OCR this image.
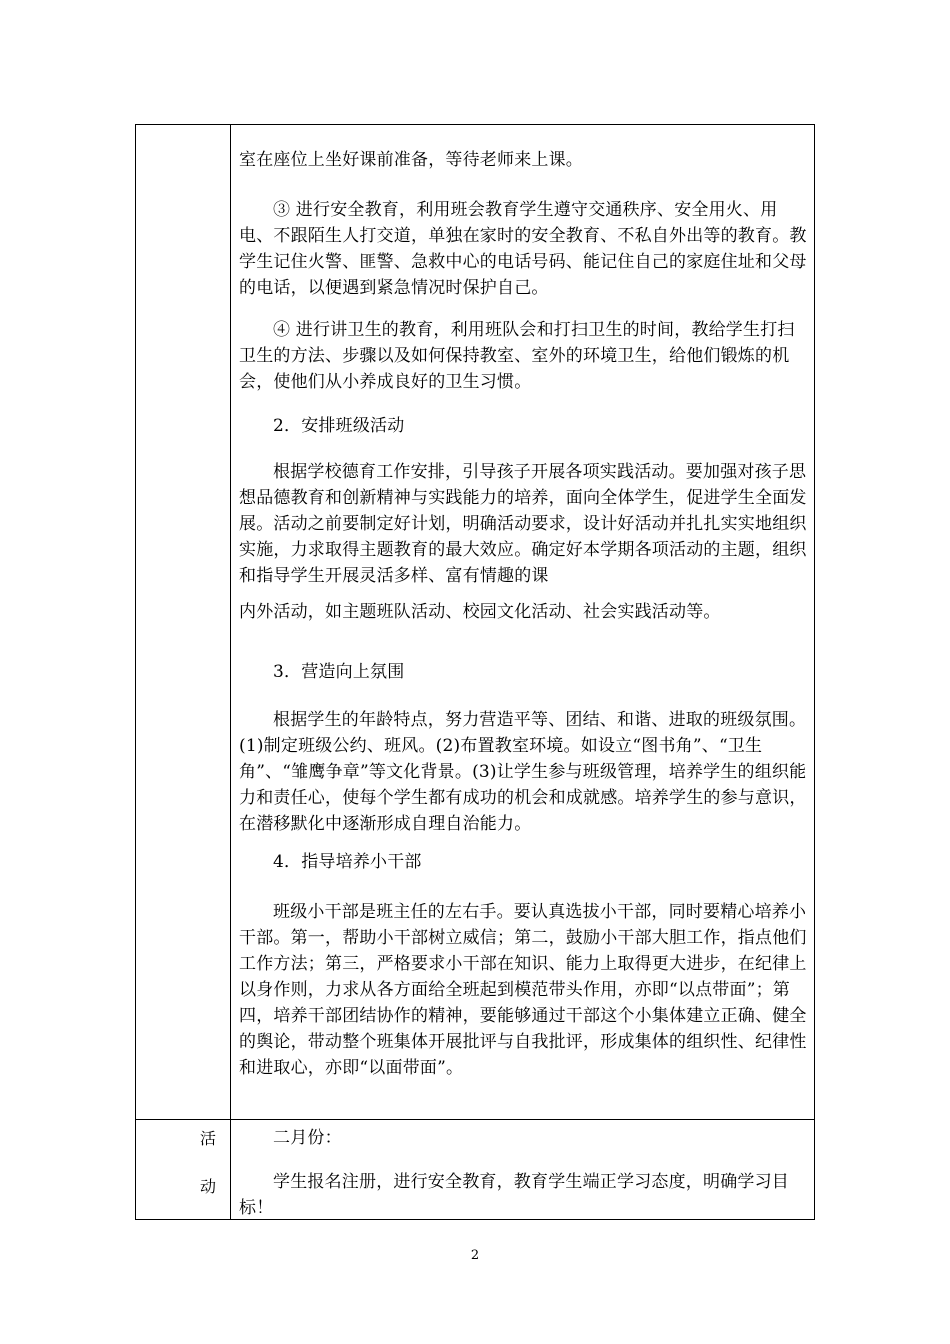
室在座位上坐好课前准备，等待老师来上课。

③ 进行安全教育，利用班会教育学生遵守交通秩序、安全用火、用电、不跟陌生人打交道，单独在家时的安全教育、不私自外出等的教育。教学生记住火警、匪警、急救中心的电话号码、能记住自己的家庭住址和父母的电话，以便遇到紧急情况时保护自己。

④ 进行讲卫生的教育，利用班队会和打扫卫生的时间，教给学生打扫卫生的方法、步骤以及如何保持教室、室外的环境卫生，给他们锻炼的机会，使他们从小养成良好的卫生习惯。

2．安排班级活动

根据学校德育工作安排，引导孩子开展各项实践活动。要加强对孩子思想品德教育和创新精神与实践能力的培养，面向全体学生，促进学生全面发展。活动之前要制定好计划，明确活动要求，设计好活动并扎扎实实地组织实施，力求取得主题教育的最大效应。确定好本学期各项活动的主题，组织和指导学生开展灵活多样、富有情趣的课

内外活动，如主题班队活动、校园文化活动、社会实践活动等。

3．营造向上氛围

根据学生的年龄特点，努力营造平等、团结、和谐、进取的班级氛围。(1)制定班级公约、班风。(2)布置教室环境。如设立“图书角”、“卫生角”、“雏鹰争章”等文化背景。(3)让学生参与班级管理，培养学生的组织能力和责任心，使每个学生都有成功的机会和成就感。培养学生的参与意识，在潜移默化中逐渐形成自理自治能力。

4．指导培养小干部

班级小干部是班主任的左右手。要认真选拔小干部，同时要精心培养小干部。第一，帮助小干部树立威信；第二，鼓励小干部大胆工作，指点他们工作方法；第三，严格要求小干部在知识、能力上取得更大进步，在纪律上以身作则，力求从各方面给全班起到模范带头作用，亦即“以点带面”；第四，培养干部团结协作的精神，要能够通过干部这个小集体建立正确、健全的舆论，带动整个班集体开展批评与自我批评，形成集体的组织性、纪律性和进取心，亦即“以面带面”。

活
动

二月份：

学生报名注册，进行安全教育，教育学生端正学习态度，明确学习目标！

2
